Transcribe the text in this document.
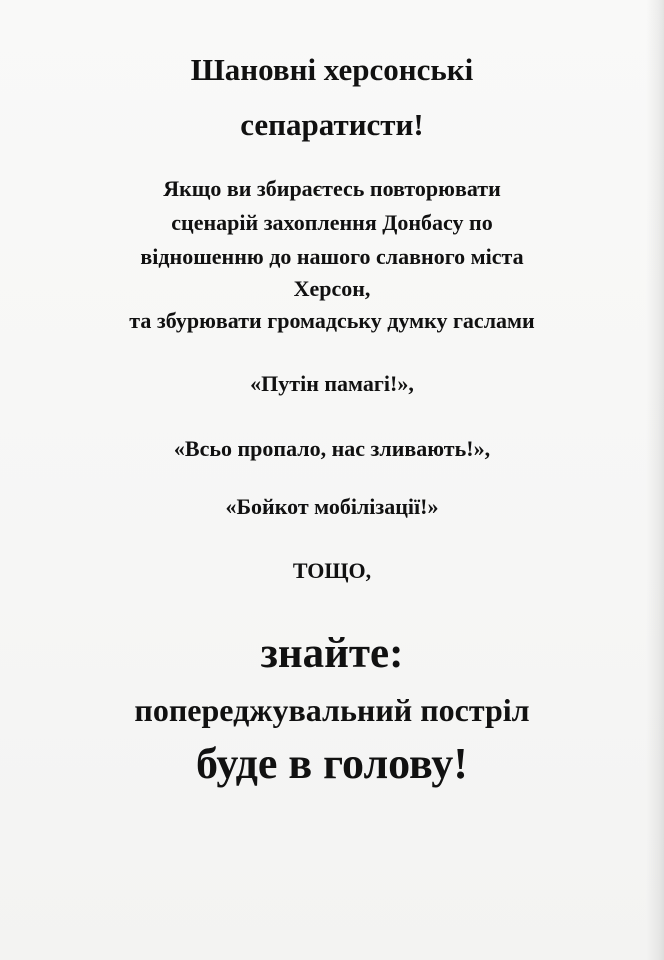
Шановні херсонські
сепаратисти!
Якщо ви збираєтесь повторювати
сценарій захоплення Донбасу по
відношенню до нашого славного міста
Херсон,
та збурювати громадську думку гаслами
«Путін памагі!»,
«Всьо пропало, нас зливають!»,
«Бойкот мобілізації!»
ТОЩО,
знайте:
попереджувальний постріл
буде в голову!
